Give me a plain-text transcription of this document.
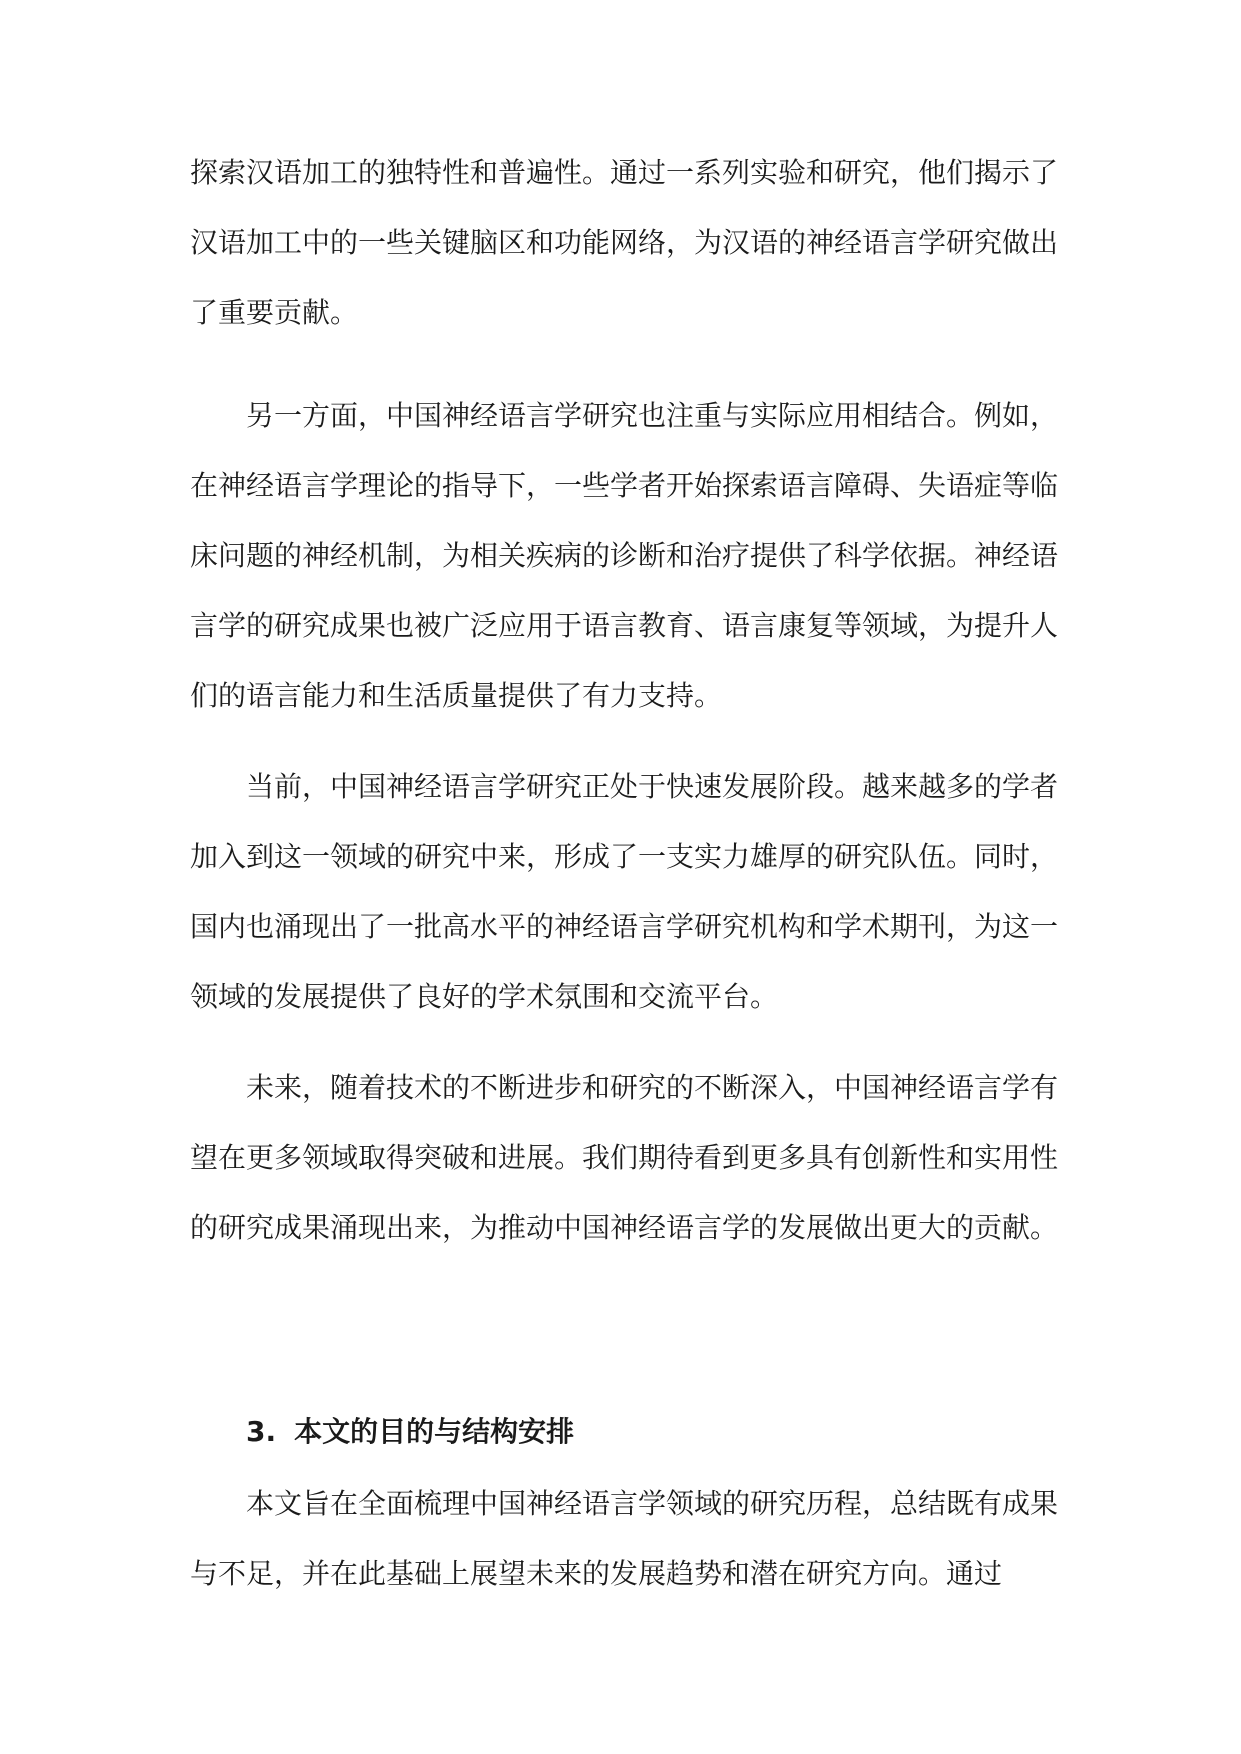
探索汉语加工的独特性和普遍性。通过一系列实验和研究，他们揭示了汉语加工中的一些关键脑区和功能网络，为汉语的神经语言学研究做出了重要贡献。

另一方面，中国神经语言学研究也注重与实际应用相结合。例如，在神经语言学理论的指导下，一些学者开始探索语言障碍、失语症等临床问题的神经机制，为相关疾病的诊断和治疗提供了科学依据。神经语言学的研究成果也被广泛应用于语言教育、语言康复等领域，为提升人们的语言能力和生活质量提供了有力支持。

当前，中国神经语言学研究正处于快速发展阶段。越来越多的学者加入到这一领域的研究中来，形成了一支实力雄厚的研究队伍。同时，国内也涌现出了一批高水平的神经语言学研究机构和学术期刊，为这一领域的发展提供了良好的学术氛围和交流平台。

未来，随着技术的不断进步和研究的不断深入，中国神经语言学有望在更多领域取得突破和进展。我们期待看到更多具有创新性和实用性的研究成果涌现出来，为推动中国神经语言学的发展做出更大的贡献。

3. 本文的目的与结构安排

本文旨在全面梳理中国神经语言学领域的研究历程，总结既有成果与不足，并在此基础上展望未来的发展趋势和潜在研究方向。通过
